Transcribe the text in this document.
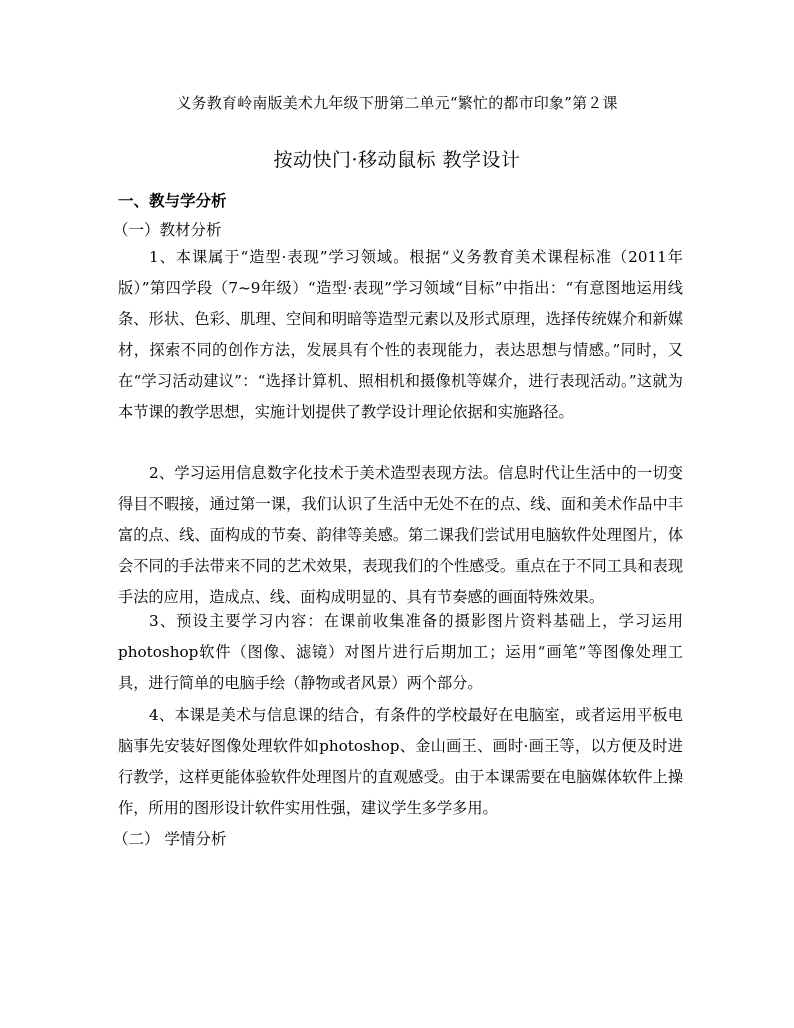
义务教育岭南版美术九年级下册第二单元“繁忙的都市印象”第２课
按动快门·移动鼠标 教学设计
一、教与学分析
（一）教材分析

1、本课属于“造型·表现”学习领域。根据“义务教育美术课程标准（2011年版）”第四学段（7~9年级）“造型·表现”学习领域“目标”中指出：“有意图地运用线条、形状、色彩、肌理、空间和明暗等造型元素以及形式原理，选择传统媒介和新媒材，探索不同的创作方法，发展具有个性的表现能力，表达思想与情感。”同时，又在“学习活动建议”：“选择计算机、照相机和摄像机等媒介，进行表现活动。”这就为本节课的教学思想，实施计划提供了教学设计理论依据和实施路径。

2、学习运用信息数字化技术于美术造型表现方法。信息时代让生活中的一切变得目不暇接，通过第一课，我们认识了生活中无处不在的点、线、面和美术作品中丰富的点、线、面构成的节奏、韵律等美感。第二课我们尝试用电脑软件处理图片，体会不同的手法带来不同的艺术效果，表现我们的个性感受。重点在于不同工具和表现手法的应用，造成点、线、面构成明显的、具有节奏感的画面特殊效果。

3、预设主要学习内容：在课前收集准备的摄影图片资料基础上，学习运用photoshop软件（图像、滤镜）对图片进行后期加工；运用“画笔”等图像处理工具，进行简单的电脑手绘（静物或者风景）两个部分。

4、本课是美术与信息课的结合，有条件的学校最好在电脑室，或者运用平板电脑事先安装好图像处理软件如photoshop、金山画王、画时·画王等，以方便及时进行教学，这样更能体验软件处理图片的直观感受。由于本课需要在电脑媒体软件上操作，所用的图形设计软件实用性强，建议学生多学多用。

（二） 学情分析
